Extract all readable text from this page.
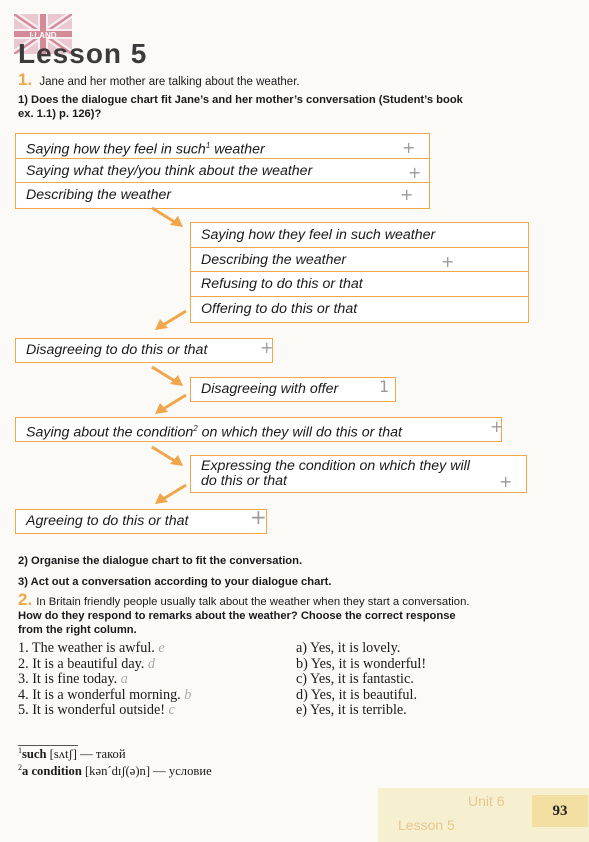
I·LAND
Lesson 5
1. Jane and her mother are talking about the weather.
1) Does the dialogue chart fit Jane’s and her mother’s conversation (Student’s book
ex. 1.1) p. 126)?
Saying how they feel in such$^1$ weather	+
Saying what they/you think about the weather	+
Describing the weather	+
Saying how they feel in such weather
Describing the weather	+
Refusing to do this or that
Offering to do this or that
Disagreeing to do this or that	+
Disagreeing with offer	1
Saying about the condition$^2$ on which they will do this or that	+
Expressing the condition on which they will
do this or that	+
Agreeing to do this or that	+
2) Organise the dialogue chart to fit the conversation.
3) Act out a conversation according to your dialogue chart.
2. In Britain friendly people usually talk about the weather when they start a conversation.
How do they respond to remarks about the weather? Choose the correct response
from the right column.
1. The weather is awful. e
2. It is a beautiful day. d
3. It is fine today. a
4. It is a wonderful morning. b
5. It is wonderful outside! c
a) Yes, it is lovely.
b) Yes, it is wonderful!
c) Yes, it is fantastic.
d) Yes, it is beautiful.
e) Yes, it is terrible.
$^1$such [sʌtʃ] — такой
$^2$a condition [kən´dɪʃ(ə)n] — условие
Unit 6
Lesson 5
93
